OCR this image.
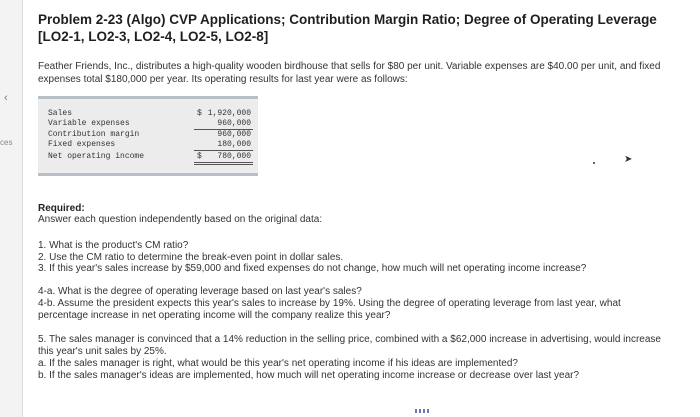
‹
ces
Problem 2-23 (Algo) CVP Applications; Contribution Margin Ratio; Degree of Operating Leverage [LO2-1, LO2-3, LO2-4, LO2-5, LO2-8]
Feather Friends, Inc., distributes a high-quality wooden birdhouse that sells for $80 per unit. Variable expenses are $40.00 per unit, and fixed expenses total $180,000 per year. Its operating results for last year were as follows:
Sales	$ 1,920,000
Variable expenses	960,000
Contribution margin	960,000
Fixed expenses	180,000
Net operating income	$ 780,000	➤
Required:
Answer each question independently based on the original data:
1. What is the product's CM ratio?
2. Use the CM ratio to determine the break-even point in dollar sales.
3. If this year's sales increase by $59,000 and fixed expenses do not change, how much will net operating income increase?
4-a. What is the degree of operating leverage based on last year's sales?
4-b. Assume the president expects this year's sales to increase by 19%. Using the degree of operating leverage from last year, what percentage increase in net operating income will the company realize this year?
5. The sales manager is convinced that a 14% reduction in the selling price, combined with a $62,000 increase in advertising, would increase this year's unit sales by 25%.
a. If the sales manager is right, what would be this year's net operating income if his ideas are implemented?
b. If the sales manager's ideas are implemented, how much will net operating income increase or decrease over last year?
